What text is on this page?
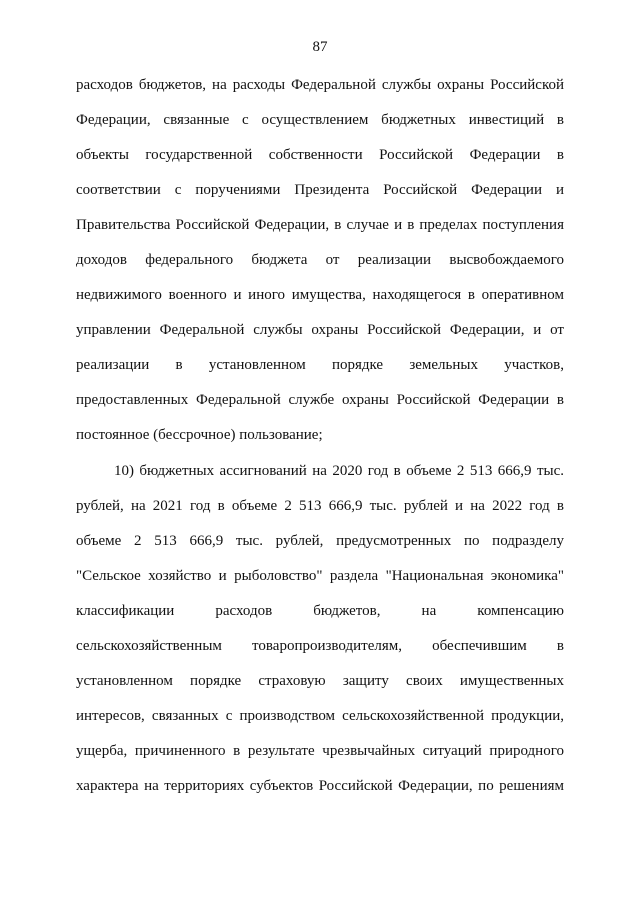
87
расходов бюджетов, на расходы Федеральной службы охраны Российской
Федерации, связанные с осуществлением бюджетных инвестиций в
объекты государственной собственности Российской Федерации в
соответствии с поручениями Президента Российской Федерации и
Правительства Российской Федерации, в случае и в пределах поступления
доходов федерального бюджета от реализации высвобождаемого
недвижимого военного и иного имущества, находящегося в оперативном
управлении Федеральной службы охраны Российской Федерации, и от
реализации в установленном порядке земельных участков,
предоставленных Федеральной службе охраны Российской Федерации в
постоянное (бессрочное) пользование;
10) бюджетных ассигнований на 2020 год в объеме 2 513 666,9 тыс.
рублей, на 2021 год в объеме 2 513 666,9 тыс. рублей и на 2022 год в
объеме 2 513 666,9 тыс. рублей, предусмотренных по подразделу
"Сельское хозяйство и рыболовство" раздела "Национальная экономика"
классификации расходов бюджетов, на компенсацию
сельскохозяйственным товаропроизводителям, обеспечившим в
установленном порядке страховую защиту своих имущественных
интересов, связанных с производством сельскохозяйственной продукции,
ущерба, причиненного в результате чрезвычайных ситуаций природного
характера на территориях субъектов Российской Федерации, по решениям
